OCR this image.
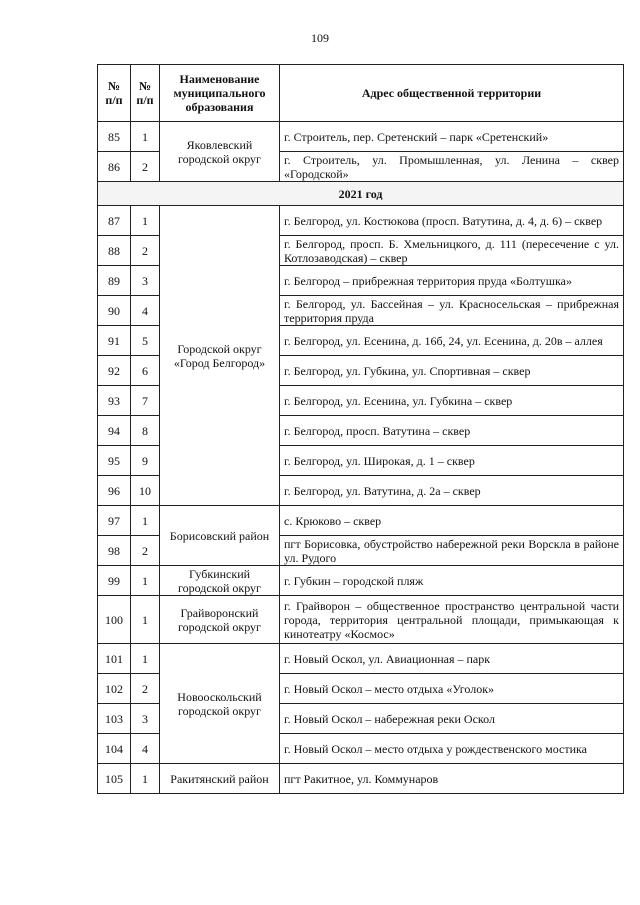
109
№ п/п	№ п/п	Наименование муниципального образования	Адрес общественной территории
85	1	Яковлевский городской округ	г. Строитель, пер. Сретенский – парк «Сретенский»
86	2		г. Строитель, ул. Промышленная, ул. Ленина – сквер «Городской»
2021 год			
87	1	Городской округ «Город Белгород»	г. Белгород, ул. Костюкова (просп. Ватутина, д. 4, д. 6) – сквер
88	2		г. Белгород, просп. Б. Хмельницкого, д. 111 (пересечение с ул. Котлозаводская) – сквер
89	3		г. Белгород – прибрежная территория пруда «Болтушка»
90	4		г. Белгород, ул. Бассейная – ул. Красносельская – прибрежная территория пруда
91	5		г. Белгород, ул. Есенина, д. 16б, 24, ул. Есенина, д. 20в – аллея
92	6		г. Белгород, ул. Губкина, ул. Спортивная – сквер
93	7		г. Белгород, ул. Есенина, ул. Губкина – сквер
94	8		г. Белгород, просп. Ватутина – сквер
95	9		г. Белгород, ул. Широкая, д. 1 – сквер
96	10		г. Белгород, ул. Ватутина, д. 2а – сквер
97	1	Борисовский район	с. Крюково – сквер
98	2		пгт Борисовка, обустройство набережной реки Ворскла в районе ул. Рудого
99	1	Губкинский городской округ	г. Губкин – городской пляж
100	1	Грайворонский городской округ	г. Грайворон – общественное пространство центральной части города, территория центральной площади, примыкающая к кинотеатру «Космос»
101	1	Новооскольский городской округ	г. Новый Оскол, ул. Авиационная – парк
102	2		г. Новый Оскол – место отдыха «Уголок»
103	3		г. Новый Оскол – набережная реки Оскол
104	4		г. Новый Оскол – место отдыха у рождественского мостика
105	1	Ракитянский район	пгт Ракитное, ул. Коммунаров
